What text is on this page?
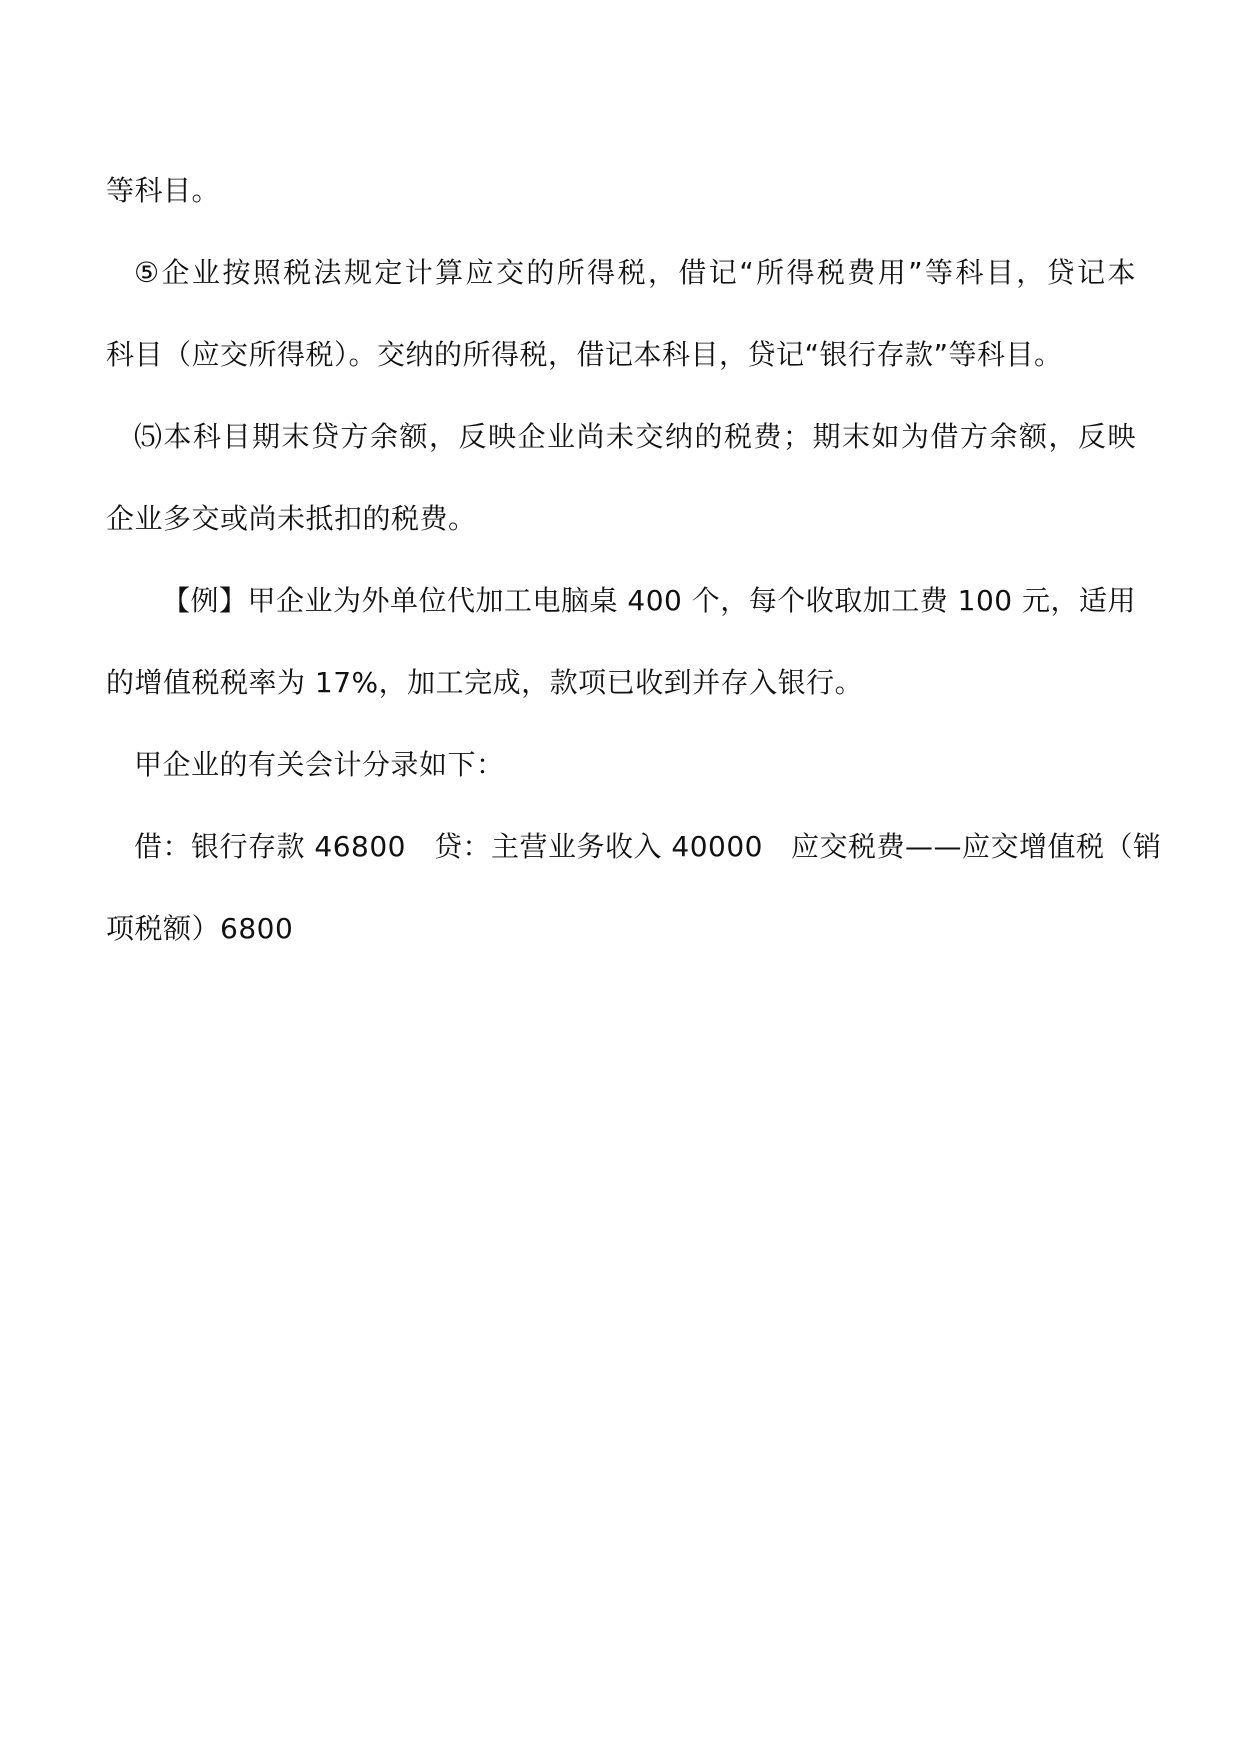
等科目。

⑤企业按照税法规定计算应交的所得税，借记“所得税费用”等科目，贷记本
科目（应交所得税）。交纳的所得税，借记本科目，贷记“银行存款”等科目。

⑸本科目期末贷方余额，反映企业尚未交纳的税费；期末如为借方余额，反映
企业多交或尚未抵扣的税费。

【例】甲企业为外单位代加工电脑桌 400 个，每个收取加工费 100 元，适用
的增值税税率为 17%，加工完成，款项已收到并存入银行。

甲企业的有关会计分录如下：

借：银行存款 46800 贷：主营业务收入 40000 应交税费——应交增值税（销
项税额）6800
